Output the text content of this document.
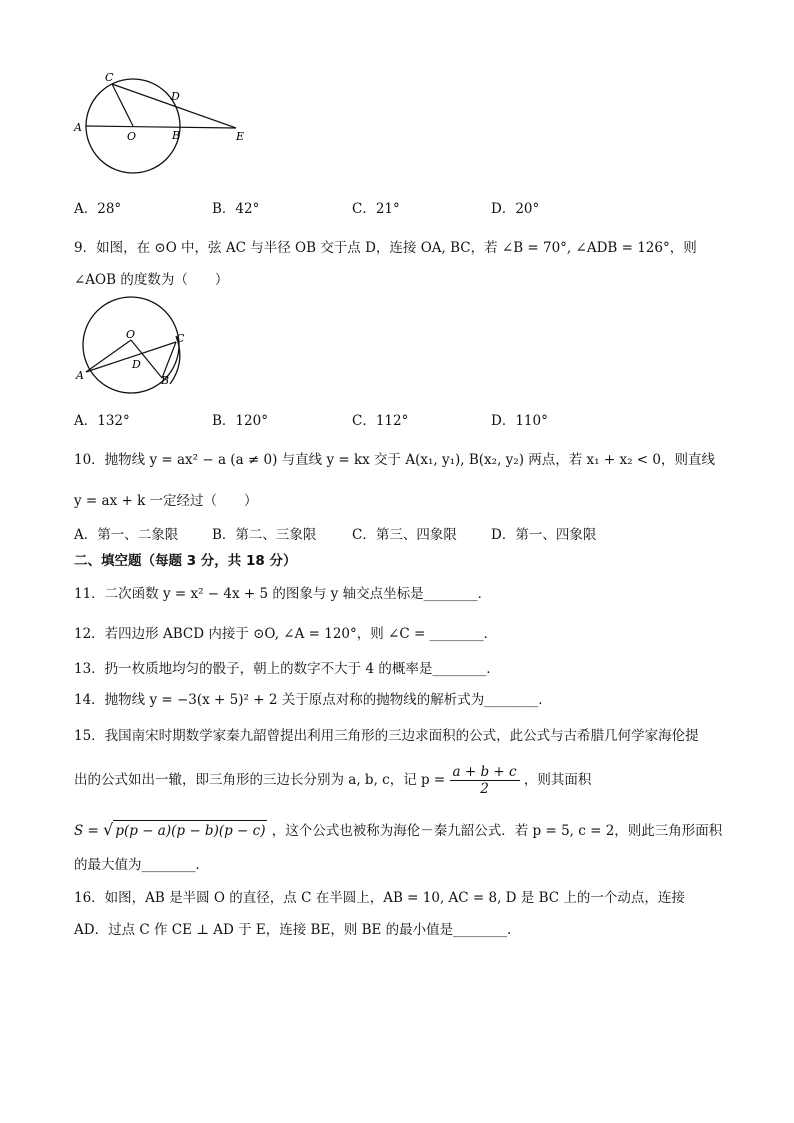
C
D
A
O	B	E
A．28°	B．42°	C．21°	D．20°
9．如图，在 ⊙O 中，弦 AC 与半径 OB 交于点 D，连接 OA, BC，若 ∠B = 70°, ∠ADB = 126°，则
∠AOB 的度数为（　　）
O	C
D
A	B
A．132°	B．120°	C．112°	D．110°
10．抛物线 y = ax² − a (a ≠ 0) 与直线 y = kx 交于 A(x₁, y₁), B(x₂, y₂) 两点，若 x₁ + x₂ < 0，则直线
y = ax + k 一定经过（　　）
A．第一、二象限	B．第二、三象限	C．第三、四象限	D．第一、四象限
二、填空题（每题 3 分，共 18 分）
11．二次函数 y = x² − 4x + 5 的图象与 y 轴交点坐标是________．
12．若四边形 ABCD 内接于 ⊙O, ∠A = 120°，则 ∠C = ________．
13．扔一枚质地均匀的骰子，朝上的数字不大于 4 的概率是________．
14．抛物线 y = −3(x + 5)² + 2 关于原点对称的抛物线的解析式为________．
15．我国南宋时期数学家秦九韶曾提出利用三角形的三边求面积的公式，此公式与古希腊几何学家海伦提
出的公式如出一辙，即三角形的三边长分别为 a, b, c，记 $p = \frac{a + b + c}{2}$ ，则其面积
S = √ p(p − a)(p − b)(p − c) ，这个公式也被称为海伦－秦九韶公式．若 p = 5, c = 2，则此三角形面积
的最大值为________．
16．如图，AB 是半圆 O 的直径，点 C 在半圆上，AB = 10, AC = 8, D 是 BC 上的一个动点，连接
AD．过点 C 作 CE ⊥ AD 于 E，连接 BE，则 BE 的最小值是________．
